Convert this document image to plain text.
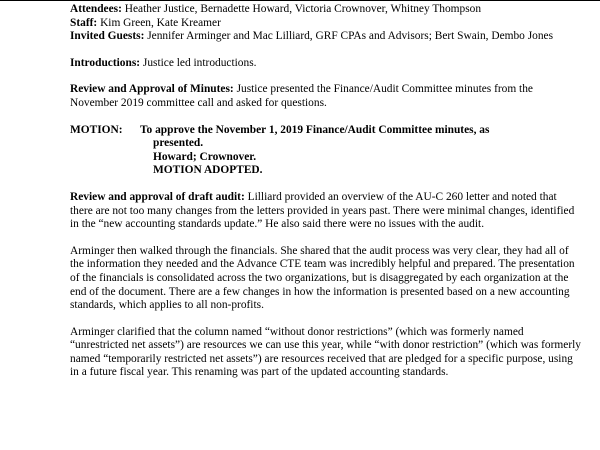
Attendees: Heather Justice, Bernadette Howard, Victoria Crownover, Whitney Thompson

Staff: Kim Green, Kate Kreamer

Invited Guests: Jennifer Arminger and Mac Lilliard, GRF CPAs and Advisors; Bert Swain, Dembo Jones

Introductions: Justice led introductions.

Review and Approval of Minutes: Justice presented the Finance/Audit Committee minutes from the November 2019 committee call and asked for questions.

MOTION:	To approve the November 1, 2019 Finance/Audit Committee minutes, as
presented.
Howard; Crownover.
MOTION ADOPTED.

Review and approval of draft audit: Lilliard provided an overview of the AU-C 260 letter and noted that there are not too many changes from the letters provided in years past. There were minimal changes, identified in the “new accounting standards update.” He also said there were no issues with the audit.

Arminger then walked through the financials. She shared that the audit process was very clear, they had all of the information they needed and the Advance CTE team was incredibly helpful and prepared. The presentation of the financials is consolidated across the two organizations, but is disaggregated by each organization at the end of the document. There are a few changes in how the information is presented based on a new accounting standards, which applies to all non-profits.

Arminger clarified that the column named “without donor restrictions” (which was formerly named “unrestricted net assets”) are resources we can use this year, while “with donor restriction” (which was formerly named “temporarily restricted net assets”) are resources received that are pledged for a specific purpose, using in a future fiscal year. This renaming was part of the updated accounting standards.
